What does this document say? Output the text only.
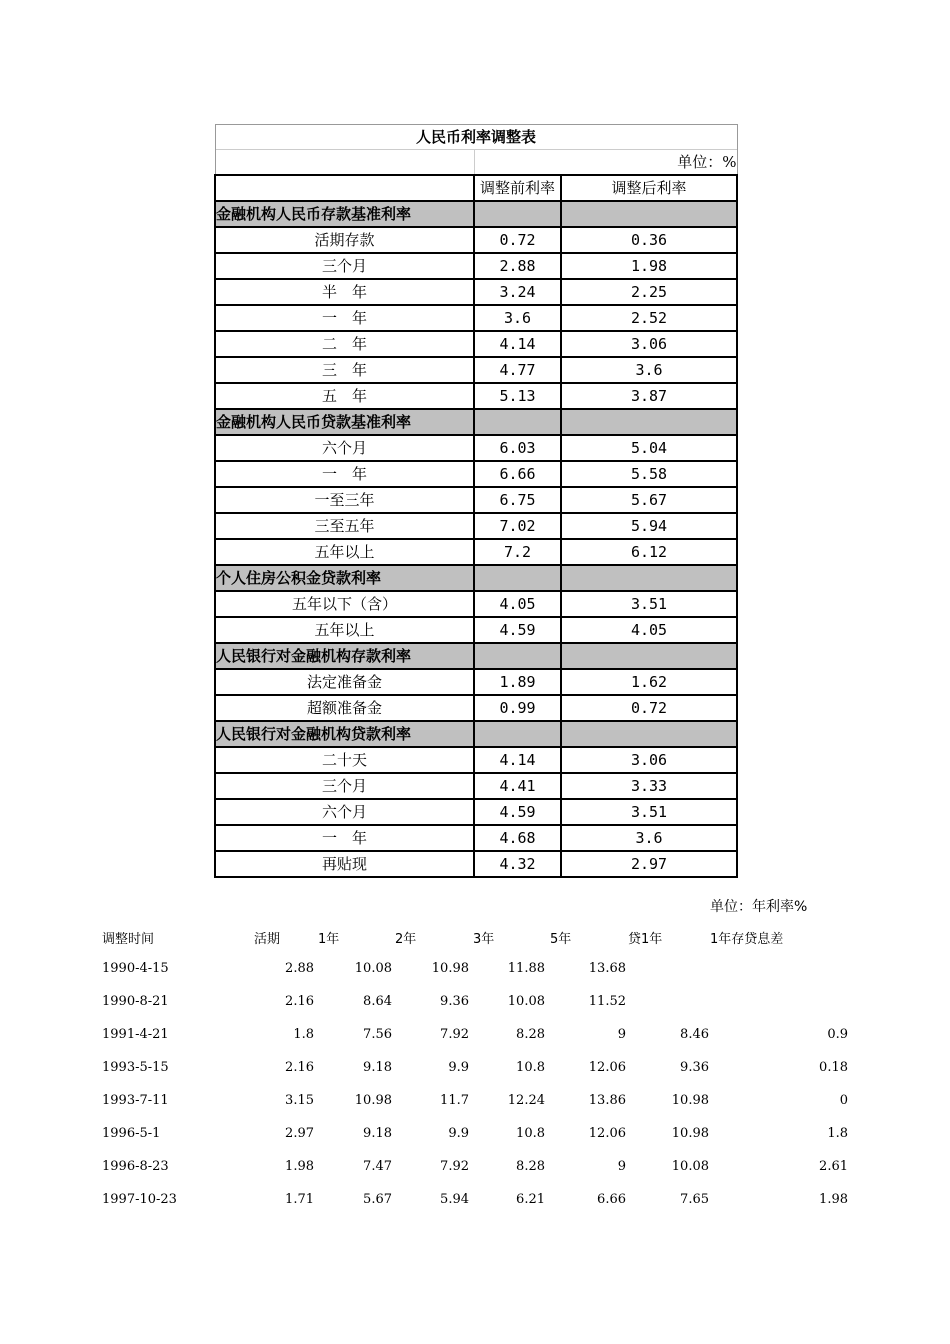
人民币利率调整表		
	单位：%	
	调整前利率	调整后利率
金融机构人民币存款基准利率		
活期存款	0.72	0.36
三个月	2.88	1.98
半　年	3.24	2.25
一　年	3.6	2.52
二　年	4.14	3.06
三　年	4.77	3.6
五　年	5.13	3.87
金融机构人民币贷款基准利率		
六个月	6.03	5.04
一　年	6.66	5.58
一至三年	6.75	5.67
三至五年	7.02	5.94
五年以上	7.2	6.12
个人住房公积金贷款利率		
五年以下（含）	4.05	3.51
五年以上	4.59	4.05
人民银行对金融机构存款利率		
法定准备金	1.89	1.62
超额准备金	0.99	0.72
人民银行对金融机构贷款利率		
二十天	4.14	3.06
三个月	4.41	3.33
六个月	4.59	3.51
一　年	4.68	3.6
再贴现	4.32	2.97
单位：年利率%
调整时间	活期	1年	2年	3年	5年	贷1年	1年存贷息差
1990-4-15	2.88	10.08	10.98	11.88	13.68
1990-8-21	2.16	8.64	9.36	10.08	11.52
1991-4-21	1.8	7.56	7.92	8.28	9	8.46	0.9
1993-5-15	2.16	9.18	9.9	10.8	12.06	9.36	0.18
1993-7-11	3.15	10.98	11.7	12.24	13.86	10.98	0
1996-5-1	2.97	9.18	9.9	10.8	12.06	10.98	1.8
1996-8-23	1.98	7.47	7.92	8.28	9	10.08	2.61
1997-10-23	1.71	5.67	5.94	6.21	6.66	7.65	1.98
